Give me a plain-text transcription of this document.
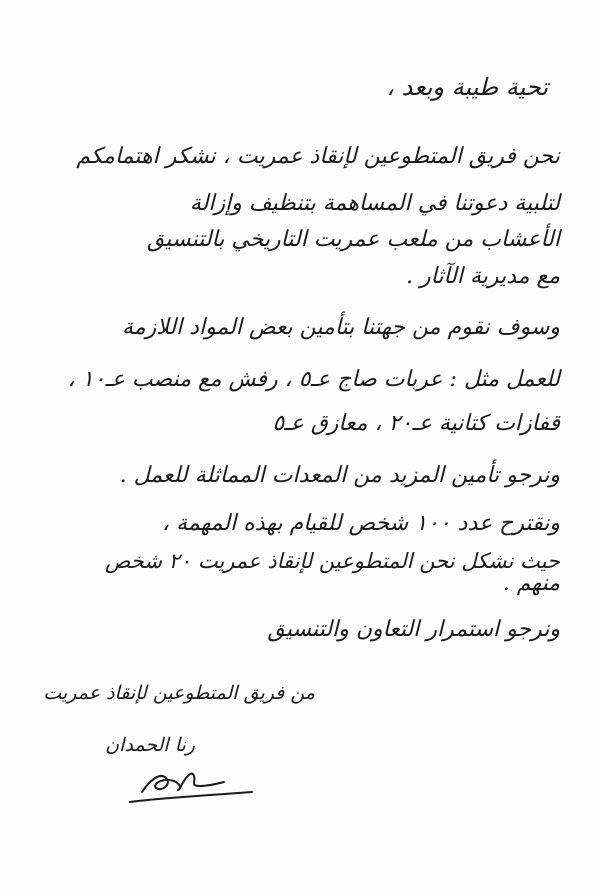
تحية طيبة وبعد ،
نحن فريق المتطوعين لإنقاذ عمريت ، نشكر اهتمامكم
لتلبية دعوتنا في المساهمة بتنظيف وإزالة
الأعشاب من ملعب عمريت التاريخي بالتنسيق
مع مديرية الآثار .
وسوف نقوم من جهتنا بتأمين بعض المواد اللازمة
للعمل مثل : عربات صاج عـ٥ ، رفش مع منصب عـ١٠ ،
قفازات كتانية عـ٢٠ ، معازق عـ٥
ونرجو تأمين المزيد من المعدات المماثلة للعمل .
ونقترح عدد ١٠٠ شخص للقيام بهذه المهمة ،
حيث نشكل نحن المتطوعين لإنقاذ عمريت ٢٠ شخص
منهم .
ونرجو استمرار التعاون والتنسيق
من فريق المتطوعين لإنقاذ عمريت
رنا الحمدان
